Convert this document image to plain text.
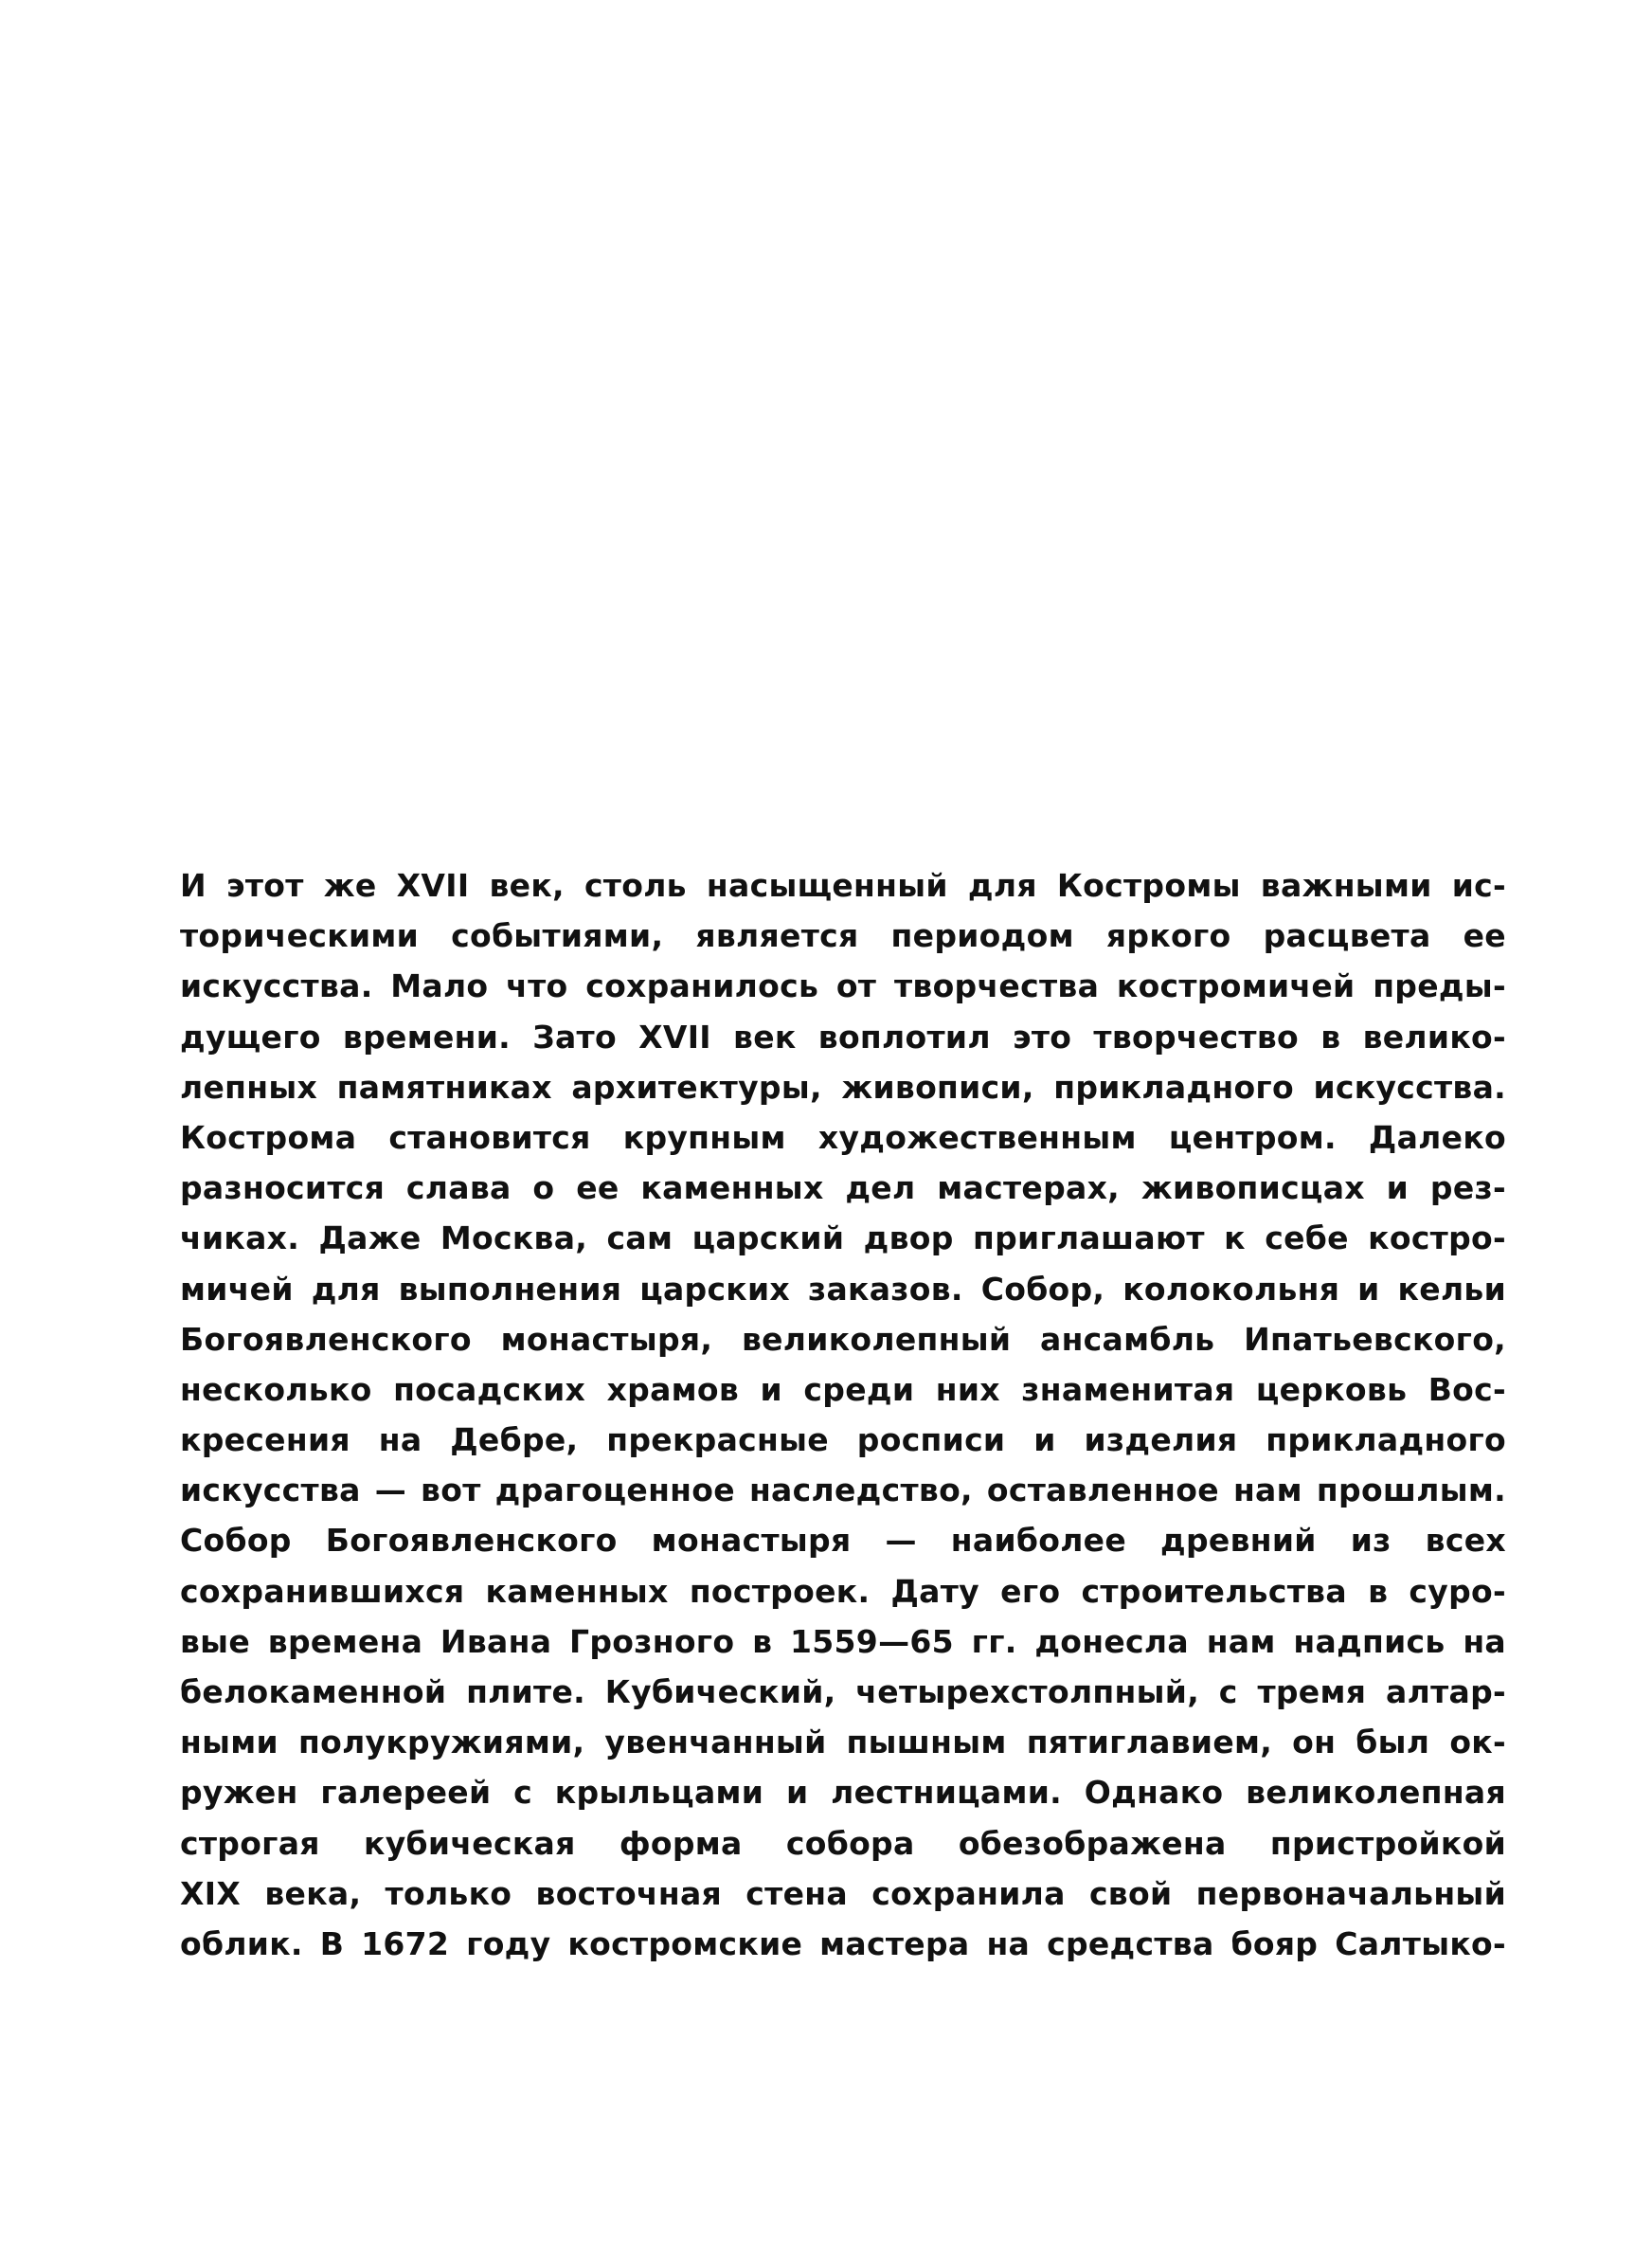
И этот же XVII век, столь насыщенный для Костромы важными ис-
торическими событиями, является периодом яркого расцвета ее
искусства. Мало что сохранилось от творчества костромичей преды-
дущего времени. Зато XVII век воплотил это творчество в велико-
лепных памятниках архитектуры, живописи, прикладного искусства.
Кострома становится крупным художественным центром. Далеко
разносится слава о ее каменных дел мастерах, живописцах и рез-
чиках. Даже Москва, сам царский двор приглашают к себе костро-
мичей для выполнения царских заказов. Собор, колокольня и кельи
Богоявленского монастыря, великолепный ансамбль Ипатьевского,
несколько посадских храмов и среди них знаменитая церковь Вос-
кресения на Дебре, прекрасные росписи и изделия прикладного
искусства — вот драгоценное наследство, оставленное нам прошлым.
Собор Богоявленского монастыря — наиболее древний из всех
сохранившихся каменных построек. Дату его строительства в суро-
вые времена Ивана Грозного в 1559—65 гг. донесла нам надпись на
белокаменной плите. Кубический, четырехстолпный, с тремя алтар-
ными полукружиями, увенчанный пышным пятиглавием, он был ок-
ружен галереей с крыльцами и лестницами. Однако великолепная
строгая кубическая форма собора обезображена пристройкой
XIX века, только восточная стена сохранила свой первоначальный
облик. В 1672 году костромские мастера на средства бояр Салтыко-
